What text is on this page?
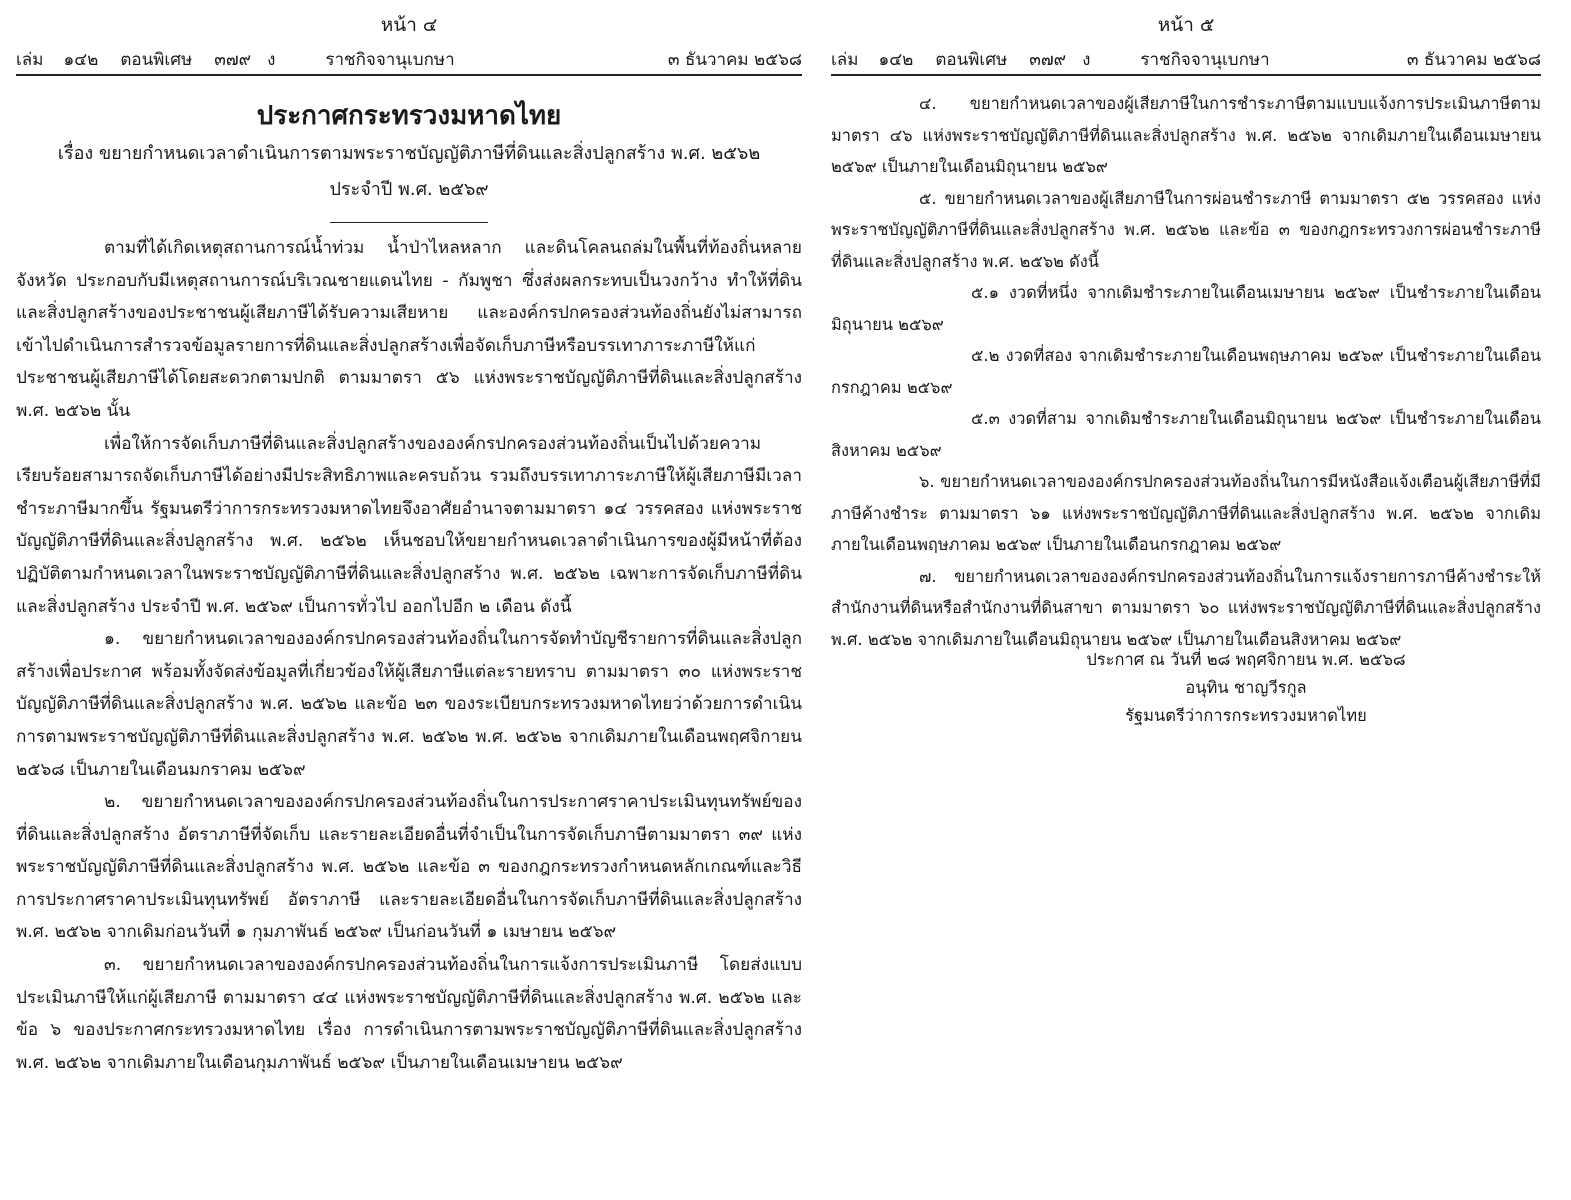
หน้า ๔
เล่ม ๑๔๒ ตอนพิเศษ ๓๗๙ ง	ราชกิจจานุเบกษา	๓ ธันวาคม ๒๕๖๘
ประกาศกระทรวงมหาดไทย

เรื่อง ขยายกำหนดเวลาดำเนินการตามพระราชบัญญัติภาษีที่ดินและสิ่งปลูกสร้าง พ.ศ. ๒๕๖๒

ประจำปี พ.ศ. ๒๕๖๙

ตามที่ได้เกิดเหตุสถานการณ์น้ำท่วม น้ำป่าไหลหลาก และดินโคลนถล่มในพื้นที่ท้องถิ่นหลายจังหวัด ประกอบกับมีเหตุสถานการณ์บริเวณชายแดนไทย - กัมพูชา ซึ่งส่งผลกระทบเป็นวงกว้าง ทำให้ที่ดินและสิ่งปลูกสร้างของประชาชนผู้เสียภาษีได้รับความเสียหาย และองค์กรปกครองส่วนท้องถิ่นยังไม่สามารถเข้าไปดำเนินการสำรวจข้อมูลรายการที่ดินและสิ่งปลูกสร้างเพื่อจัดเก็บภาษีหรือบรรเทาภาระภาษีให้แก่ประชาชนผู้เสียภาษีได้โดยสะดวกตามปกติ ตามมาตรา ๕๖ แห่งพระราชบัญญัติภาษีที่ดินและสิ่งปลูกสร้าง พ.ศ. ๒๕๖๒ นั้น

เพื่อให้การจัดเก็บภาษีที่ดินและสิ่งปลูกสร้างขององค์กรปกครองส่วนท้องถิ่นเป็นไปด้วยความเรียบร้อยสามารถจัดเก็บภาษีได้อย่างมีประสิทธิภาพและครบถ้วน รวมถึงบรรเทาภาระภาษีให้ผู้เสียภาษีมีเวลาชำระภาษีมากขึ้น รัฐมนตรีว่าการกระทรวงมหาดไทยจึงอาศัยอำนาจตามมาตรา ๑๔ วรรคสอง แห่งพระราชบัญญัติภาษีที่ดินและสิ่งปลูกสร้าง พ.ศ. ๒๕๖๒ เห็นชอบให้ขยายกำหนดเวลาดำเนินการของผู้มีหน้าที่ต้องปฏิบัติตามกำหนดเวลาในพระราชบัญญัติภาษีที่ดินและสิ่งปลูกสร้าง พ.ศ. ๒๕๖๒ เฉพาะการจัดเก็บภาษีที่ดินและสิ่งปลูกสร้าง ประจำปี พ.ศ. ๒๕๖๙ เป็นการทั่วไป ออกไปอีก ๒ เดือน ดังนี้

๑. ขยายกำหนดเวลาขององค์กรปกครองส่วนท้องถิ่นในการจัดทำบัญชีรายการที่ดินและสิ่งปลูกสร้างเพื่อประกาศ พร้อมทั้งจัดส่งข้อมูลที่เกี่ยวข้องให้ผู้เสียภาษีแต่ละรายทราบ ตามมาตรา ๓๐ แห่งพระราชบัญญัติภาษีที่ดินและสิ่งปลูกสร้าง พ.ศ. ๒๕๖๒ และข้อ ๒๓ ของระเบียบกระทรวงมหาดไทยว่าด้วยการดำเนินการตามพระราชบัญญัติภาษีที่ดินและสิ่งปลูกสร้าง พ.ศ. ๒๕๖๒ พ.ศ. ๒๕๖๒ จากเดิมภายในเดือนพฤศจิกายน ๒๕๖๘ เป็นภายในเดือนมกราคม ๒๕๖๙

๒. ขยายกำหนดเวลาขององค์กรปกครองส่วนท้องถิ่นในการประกาศราคาประเมินทุนทรัพย์ของที่ดินและสิ่งปลูกสร้าง อัตราภาษีที่จัดเก็บ และรายละเอียดอื่นที่จำเป็นในการจัดเก็บภาษีตามมาตรา ๓๙ แห่งพระราชบัญญัติภาษีที่ดินและสิ่งปลูกสร้าง พ.ศ. ๒๕๖๒ และข้อ ๓ ของกฎกระทรวงกำหนดหลักเกณฑ์และวิธีการประกาศราคาประเมินทุนทรัพย์ อัตราภาษี และรายละเอียดอื่นในการจัดเก็บภาษีที่ดินและสิ่งปลูกสร้าง พ.ศ. ๒๕๖๒ จากเดิมก่อนวันที่ ๑ กุมภาพันธ์ ๒๕๖๙ เป็นก่อนวันที่ ๑ เมษายน ๒๕๖๙

๓. ขยายกำหนดเวลาขององค์กรปกครองส่วนท้องถิ่นในการแจ้งการประเมินภาษี โดยส่งแบบประเมินภาษีให้แก่ผู้เสียภาษี ตามมาตรา ๔๔ แห่งพระราชบัญญัติภาษีที่ดินและสิ่งปลูกสร้าง พ.ศ. ๒๕๖๒ และข้อ ๖ ของประกาศกระทรวงมหาดไทย เรื่อง การดำเนินการตามพระราชบัญญัติภาษีที่ดินและสิ่งปลูกสร้าง พ.ศ. ๒๕๖๒ จากเดิมภายในเดือนกุมภาพันธ์ ๒๕๖๙ เป็นภายในเดือนเมษายน ๒๕๖๙

หน้า ๕
เล่ม ๑๔๒ ตอนพิเศษ ๓๗๙ ง	ราชกิจจานุเบกษา	๓ ธันวาคม ๒๕๖๘

๔. ขยายกำหนดเวลาของผู้เสียภาษีในการชำระภาษีตามแบบแจ้งการประเมินภาษีตามมาตรา ๔๖ แห่งพระราชบัญญัติภาษีที่ดินและสิ่งปลูกสร้าง พ.ศ. ๒๕๖๒ จากเดิมภายในเดือนเมษายน ๒๕๖๙ เป็นภายในเดือนมิถุนายน ๒๕๖๙

๕. ขยายกำหนดเวลาของผู้เสียภาษีในการผ่อนชำระภาษี ตามมาตรา ๕๒ วรรคสอง แห่งพระราชบัญญัติภาษีที่ดินและสิ่งปลูกสร้าง พ.ศ. ๒๕๖๒ และข้อ ๓ ของกฎกระทรวงการผ่อนชำระภาษีที่ดินและสิ่งปลูกสร้าง พ.ศ. ๒๕๖๒ ดังนี้

๕.๑ งวดที่หนึ่ง จากเดิมชำระภายในเดือนเมษายน ๒๕๖๙ เป็นชำระภายในเดือนมิถุนายน ๒๕๖๙

๕.๒ งวดที่สอง จากเดิมชำระภายในเดือนพฤษภาคม ๒๕๖๙ เป็นชำระภายในเดือนกรกฎาคม ๒๕๖๙

๕.๓ งวดที่สาม จากเดิมชำระภายในเดือนมิถุนายน ๒๕๖๙ เป็นชำระภายในเดือนสิงหาคม ๒๕๖๙

๖. ขยายกำหนดเวลาขององค์กรปกครองส่วนท้องถิ่นในการมีหนังสือแจ้งเตือนผู้เสียภาษีที่มีภาษีค้างชำระ ตามมาตรา ๖๑ แห่งพระราชบัญญัติภาษีที่ดินและสิ่งปลูกสร้าง พ.ศ. ๒๕๖๒ จากเดิมภายในเดือนพฤษภาคม ๒๕๖๙ เป็นภายในเดือนกรกฎาคม ๒๕๖๙

๗. ขยายกำหนดเวลาขององค์กรปกครองส่วนท้องถิ่นในการแจ้งรายการภาษีค้างชำระให้สำนักงานที่ดินหรือสำนักงานที่ดินสาขา ตามมาตรา ๖๐ แห่งพระราชบัญญัติภาษีที่ดินและสิ่งปลูกสร้าง พ.ศ. ๒๕๖๒ จากเดิมภายในเดือนมิถุนายน ๒๕๖๙ เป็นภายในเดือนสิงหาคม ๒๕๖๙

ประกาศ ณ วันที่ ๒๘ พฤศจิกายน พ.ศ. ๒๕๖๘
อนุทิน ชาญวีรกูล
รัฐมนตรีว่าการกระทรวงมหาดไทย
